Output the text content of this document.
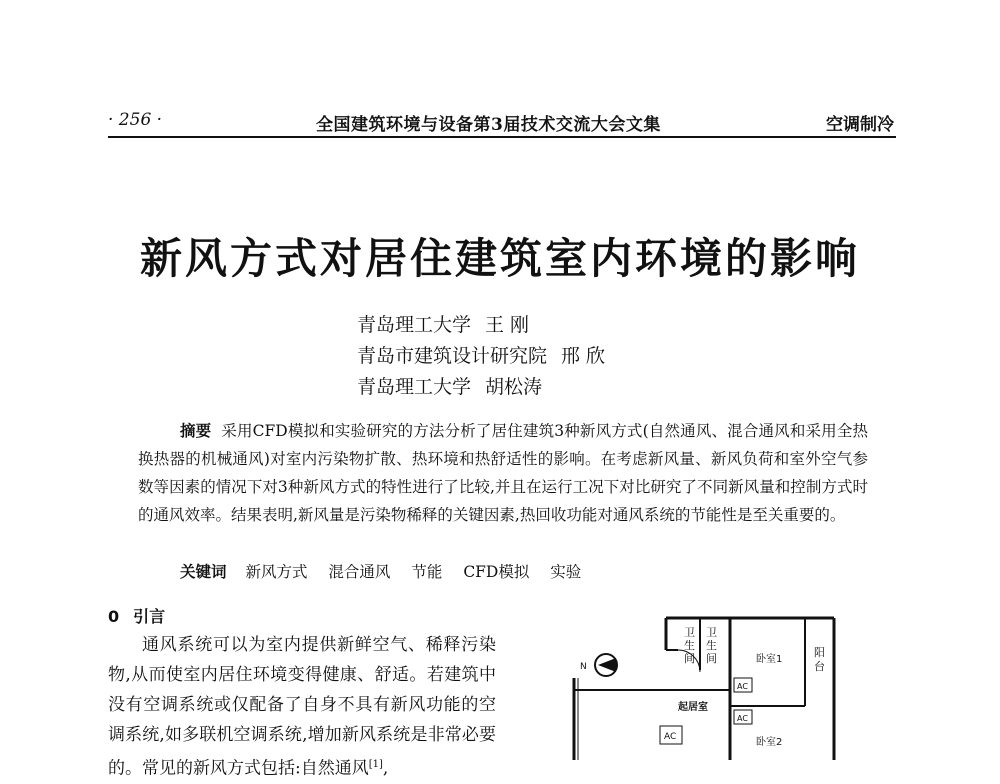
· 256 ·	全国建筑环境与设备第3届技术交流大会文集	空调制冷
新风方式对居住建筑室内环境的影响
青岛理工大学 王 刚
青岛市建筑设计研究院 邢 欣
青岛理工大学 胡松涛
摘要 采用CFD模拟和实验研究的方法分析了居住建筑3种新风方式(自然通风、混合通风和采用全热换热器的机械通风)对室内污染物扩散、热环境和热舒适性的影响。在考虑新风量、新风负荷和室外空气参数等因素的情况下对3种新风方式的特性进行了比较,并且在运行工况下对比研究了不同新风量和控制方式时的通风效率。结果表明,新风量是污染物稀释的关键因素,热回收功能对通风系统的节能性是至关重要的。
关键词 新风方式 混合通风 节能 CFD模拟 实验
0 引言
通风系统可以为室内提供新鲜空气、稀释污染物,从而使室内居住环境变得健康、舒适。若建筑中没有空调系统或仅配备了自身不具有新风功能的空调系统,如多联机空调系统,增加新风系统是非常必要的。常见的新风方式包括:自然通风[1],
N
卫
生
间
卫
生
间	卧室1
卧室2
阳
台
起居室
AC
AC
AC
